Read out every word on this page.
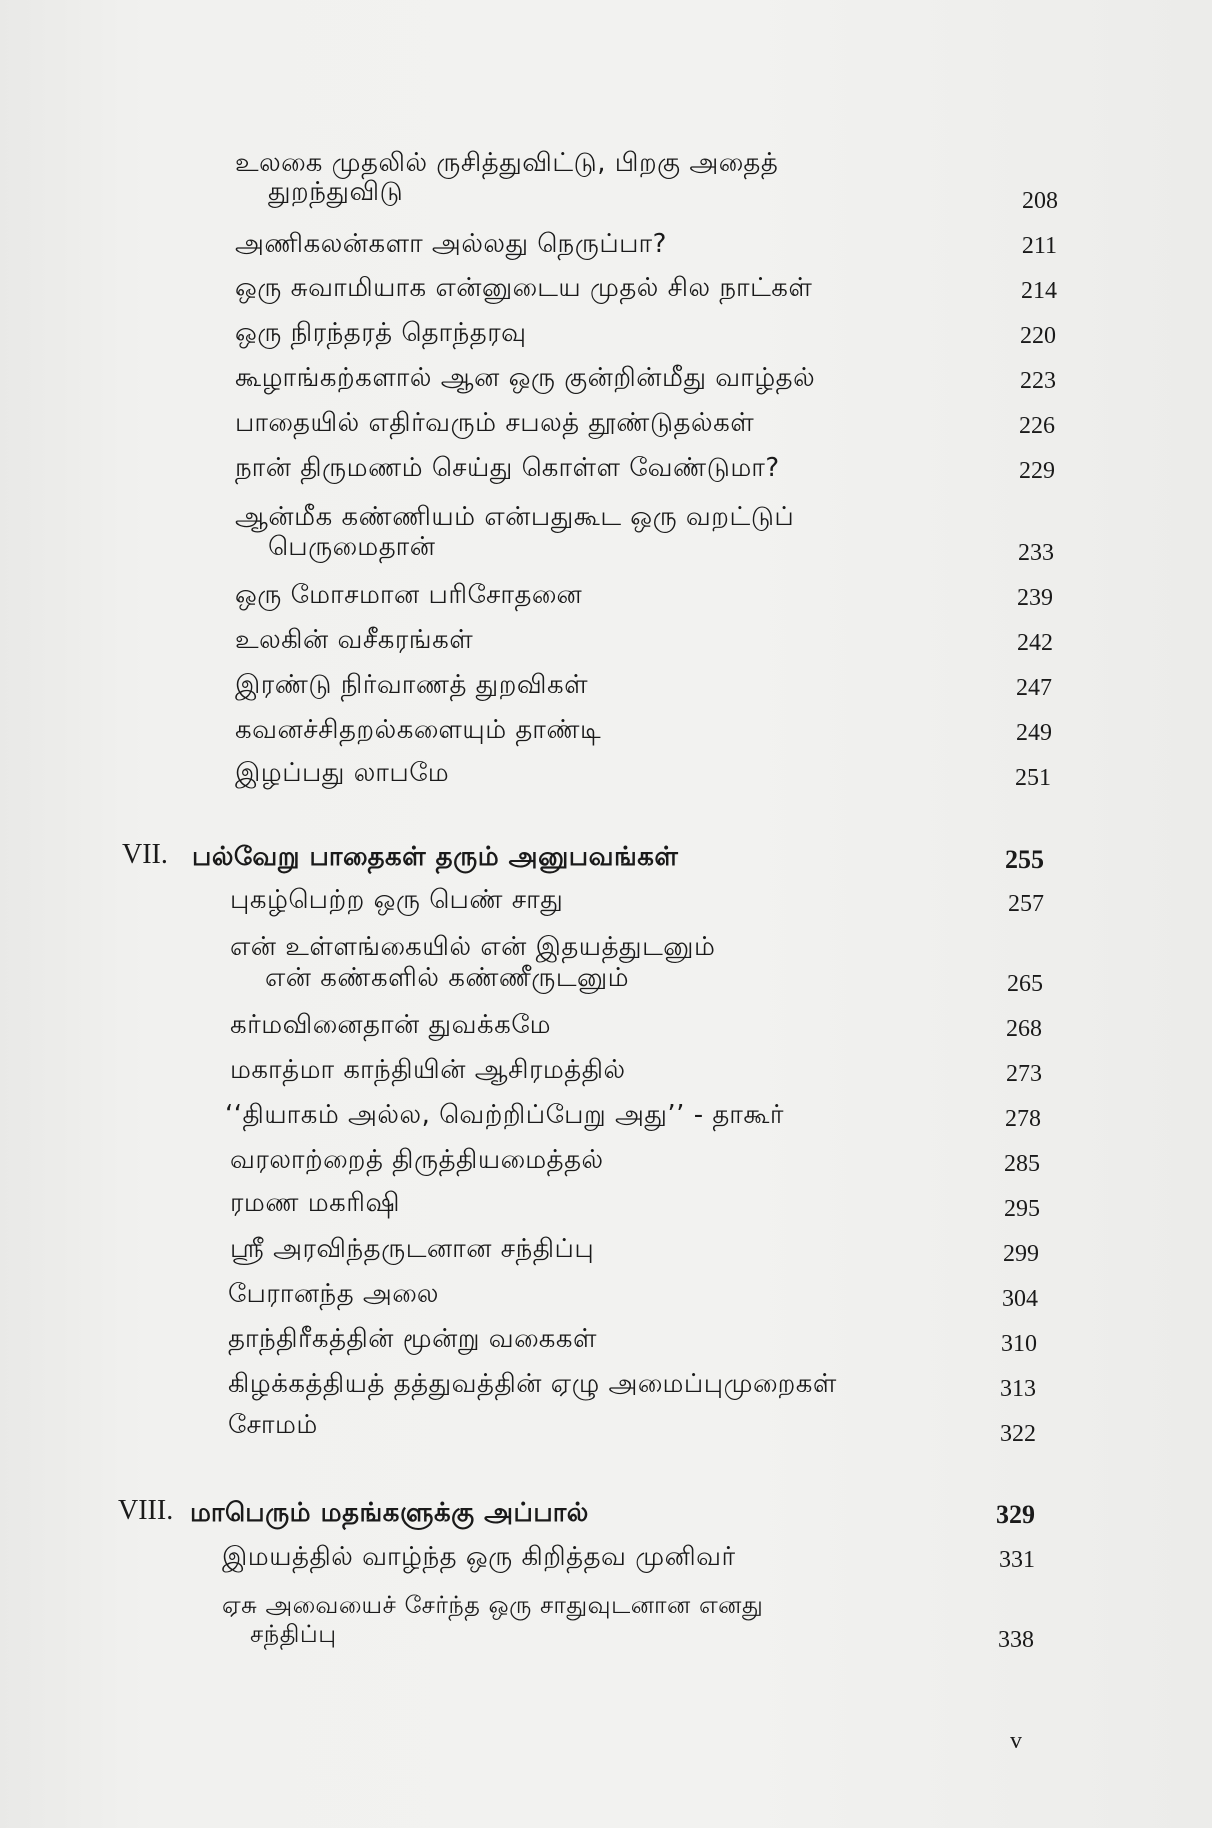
உலகை முதலில் ருசித்துவிட்டு, பிறகு அதைத்
துறந்துவிடு	208
அணிகலன்களா அல்லது நெருப்பா?	211
ஒரு சுவாமியாக என்னுடைய முதல் சில நாட்கள்	214
ஒரு நிரந்தரத் தொந்தரவு	220
கூழாங்கற்களால் ஆன ஒரு குன்றின்மீது வாழ்தல்	223
பாதையில் எதிர்வரும் சபலத் தூண்டுதல்கள்	226
நான் திருமணம் செய்து கொள்ள வேண்டுமா?	229
ஆன்மீக கண்ணியம் என்பதுகூட ஒரு வறட்டுப்
பெருமைதான்	233
ஒரு மோசமான பரிசோதனை	239
உலகின் வசீகரங்கள்	242
இரண்டு நிர்வாணத் துறவிகள்	247
கவனச்சிதறல்களையும் தாண்டி	249
இழப்பது லாபமே	251
VII. பல்வேறு பாதைகள் தரும் அனுபவங்கள்	255
புகழ்பெற்ற ஒரு பெண் சாது	257
என் உள்ளங்கையில் என் இதயத்துடனும்
என் கண்களில் கண்ணீருடனும்	265
கர்மவினைதான் துவக்கமே	268
மகாத்மா காந்தியின் ஆசிரமத்தில்	273
‘‘தியாகம் அல்ல, வெற்றிப்பேறு அது’’ - தாகூர்	278
வரலாற்றைத் திருத்தியமைத்தல்	285
ரமண மகரிஷி	295
ஸ்ரீ அரவிந்தருடனான சந்திப்பு	299
பேரானந்த அலை	304
தாந்திரீகத்தின் மூன்று வகைகள்	310
கிழக்கத்தியத் தத்துவத்தின் ஏழு அமைப்புமுறைகள்	313
சோமம்	322
VIII. மாபெரும் மதங்களுக்கு அப்பால்	329
இமயத்தில் வாழ்ந்த ஒரு கிறித்தவ முனிவர்	331
ஏசு அவையைச் சேர்ந்த ஒரு சாதுவுடனான எனது
சந்திப்பு	338
v
